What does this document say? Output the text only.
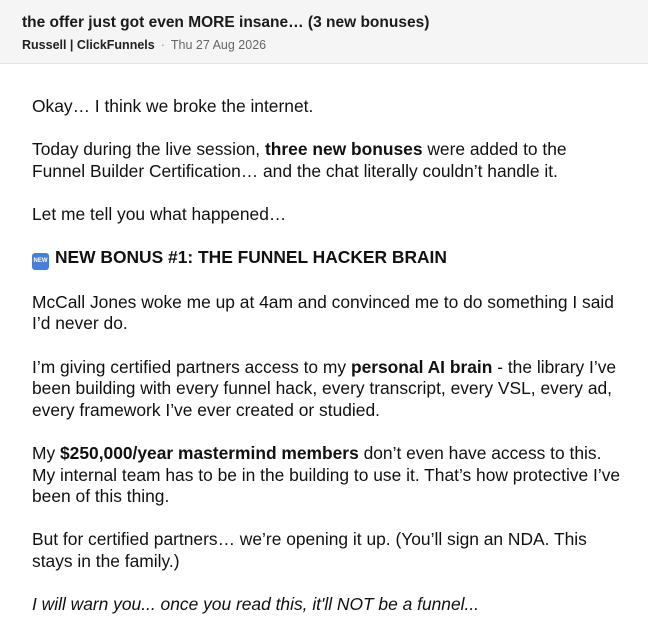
the offer just got even MORE insane… (3 new bonuses)
Russell | ClickFunnels · Thu 27 Aug 2026

Okay… I think we broke the internet.

Today during the live session, three new bonuses were added to the Funnel Builder Certification… and the chat literally couldn’t handle it.

Let me tell you what happened…

NEW NEW BONUS #1: THE FUNNEL HACKER BRAIN

McCall Jones woke me up at 4am and convinced me to do something I said I’d never do.

I’m giving certified partners access to my personal AI brain - the library I’ve been building with every funnel hack, every transcript, every VSL, every ad, every framework I’ve ever created or studied.

My $250,000/year mastermind members don’t even have access to this. My internal team has to be in the building to use it. That’s how protective I’ve been of this thing.

But for certified partners… we’re opening it up. (You’ll sign an NDA. This stays in the family.)

I will warn you... once you read this, it'll NOT be a funnel...
